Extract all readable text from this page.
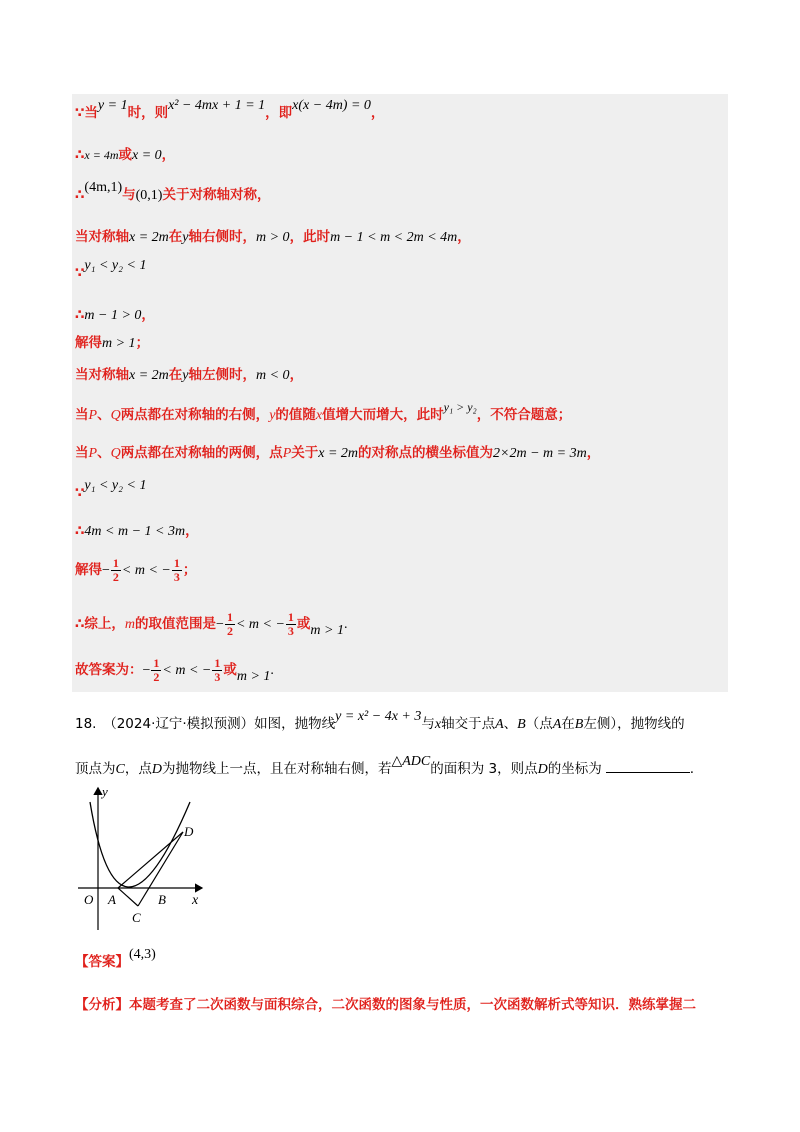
∵当y = 1时，则x² − 4mx + 1 = 1，即x(x − 4m) = 0，
∴x = 4m或x = 0，
∴(4m,1)与(0,1)关于对称轴对称，
当对称轴x = 2m在y轴右侧时，m > 0，此时m − 1 < m < 2m < 4m，
∵y₁ < y₂ < 1
∴m − 1 > 0，
解得m > 1；
当对称轴x = 2m在y轴左侧时，m < 0，
当P、Q两点都在对称轴的右侧，y的值随x值增大而增大，此时y₁ > y₂，不符合题意；
当P、Q两点都在对称轴的两侧，点P关于x = 2m的对称点的横坐标值为2×2m − m = 3m，
∵y₁ < y₂ < 1
∴4m < m − 1 < 3m，
解得− $\frac{1}{2} < m$ < − $\frac{1}{3}$ ；
∴综上，m的取值范围是− $\frac{1}{2} < m$ < − $\frac{1}{3}$ 或m > 1.
故答案为：− $\frac{1}{2} < m$ < − $\frac{1}{3}$ 或m > 1.
18.　（2024·辽宁·模拟预测）如图，抛物线y = x² − 4x + 3与x轴交于点A、B（点A在B左侧），抛物线的
顶点为C，点D为抛物线上一点，且在对称轴右侧，若△ADC的面积为 3，则点D的坐标为	.
y
x
O A	B
C
D
【答案】(4,3)
【分析】本题考查了二次函数与面积综合，二次函数的图象与性质，一次函数解析式等知识．熟练掌握二
